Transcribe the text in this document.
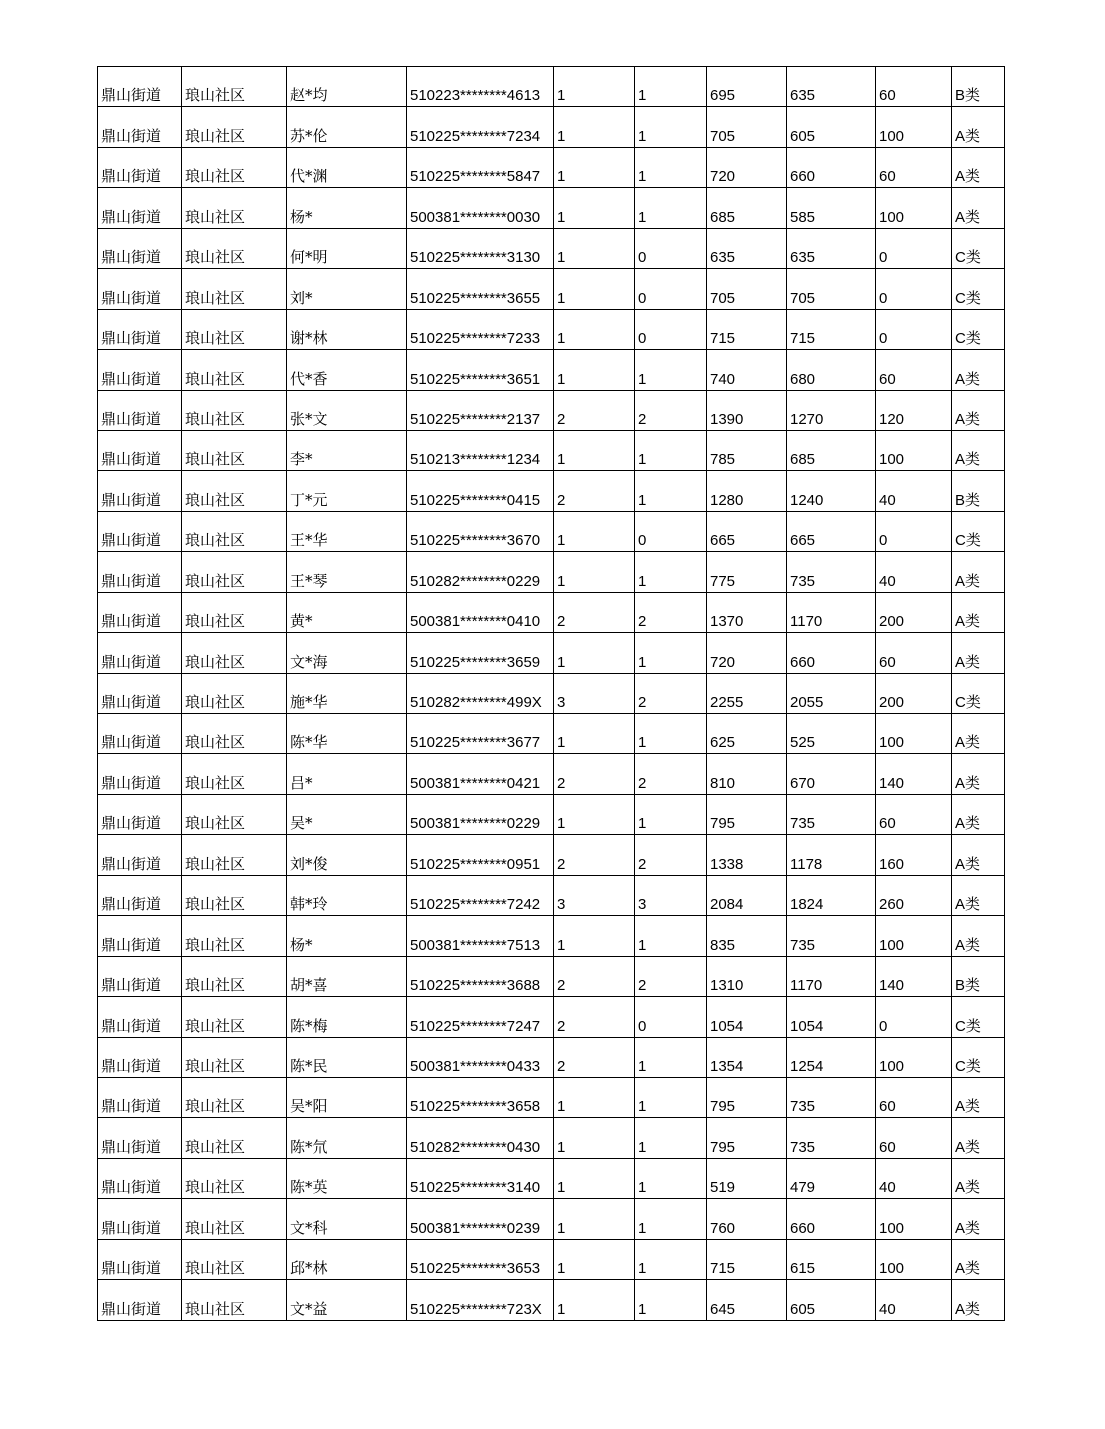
鼎山街道	琅山社区	赵*均	510223********4613	1	1	695	635	60	B类
鼎山街道	琅山社区	苏*伦	510225********7234	1	1	705	605	100	A类
鼎山街道	琅山社区	代*渊	510225********5847	1	1	720	660	60	A类
鼎山街道	琅山社区	杨*	500381********0030	1	1	685	585	100	A类
鼎山街道	琅山社区	何*明	510225********3130	1	0	635	635	0	C类
鼎山街道	琅山社区	刘*	510225********3655	1	0	705	705	0	C类
鼎山街道	琅山社区	谢*林	510225********7233	1	0	715	715	0	C类
鼎山街道	琅山社区	代*香	510225********3651	1	1	740	680	60	A类
鼎山街道	琅山社区	张*文	510225********2137	2	2	1390	1270	120	A类
鼎山街道	琅山社区	李*	510213********1234	1	1	785	685	100	A类
鼎山街道	琅山社区	丁*元	510225********0415	2	1	1280	1240	40	B类
鼎山街道	琅山社区	王*华	510225********3670	1	0	665	665	0	C类
鼎山街道	琅山社区	王*琴	510282********0229	1	1	775	735	40	A类
鼎山街道	琅山社区	黄*	500381********0410	2	2	1370	1170	200	A类
鼎山街道	琅山社区	文*海	510225********3659	1	1	720	660	60	A类
鼎山街道	琅山社区	施*华	510282********499X	3	2	2255	2055	200	C类
鼎山街道	琅山社区	陈*华	510225********3677	1	1	625	525	100	A类
鼎山街道	琅山社区	吕*	500381********0421	2	2	810	670	140	A类
鼎山街道	琅山社区	吴*	500381********0229	1	1	795	735	60	A类
鼎山街道	琅山社区	刘*俊	510225********0951	2	2	1338	1178	160	A类
鼎山街道	琅山社区	韩*玲	510225********7242	3	3	2084	1824	260	A类
鼎山街道	琅山社区	杨*	500381********7513	1	1	835	735	100	A类
鼎山街道	琅山社区	胡*喜	510225********3688	2	2	1310	1170	140	B类
鼎山街道	琅山社区	陈*梅	510225********7247	2	0	1054	1054	0	C类
鼎山街道	琅山社区	陈*民	500381********0433	2	1	1354	1254	100	C类
鼎山街道	琅山社区	吴*阳	510225********3658	1	1	795	735	60	A类
鼎山街道	琅山社区	陈*氘	510282********0430	1	1	795	735	60	A类
鼎山街道	琅山社区	陈*英	510225********3140	1	1	519	479	40	A类
鼎山街道	琅山社区	文*科	500381********0239	1	1	760	660	100	A类
鼎山街道	琅山社区	邱*林	510225********3653	1	1	715	615	100	A类
鼎山街道	琅山社区	文*益	510225********723X	1	1	645	605	40	A类
